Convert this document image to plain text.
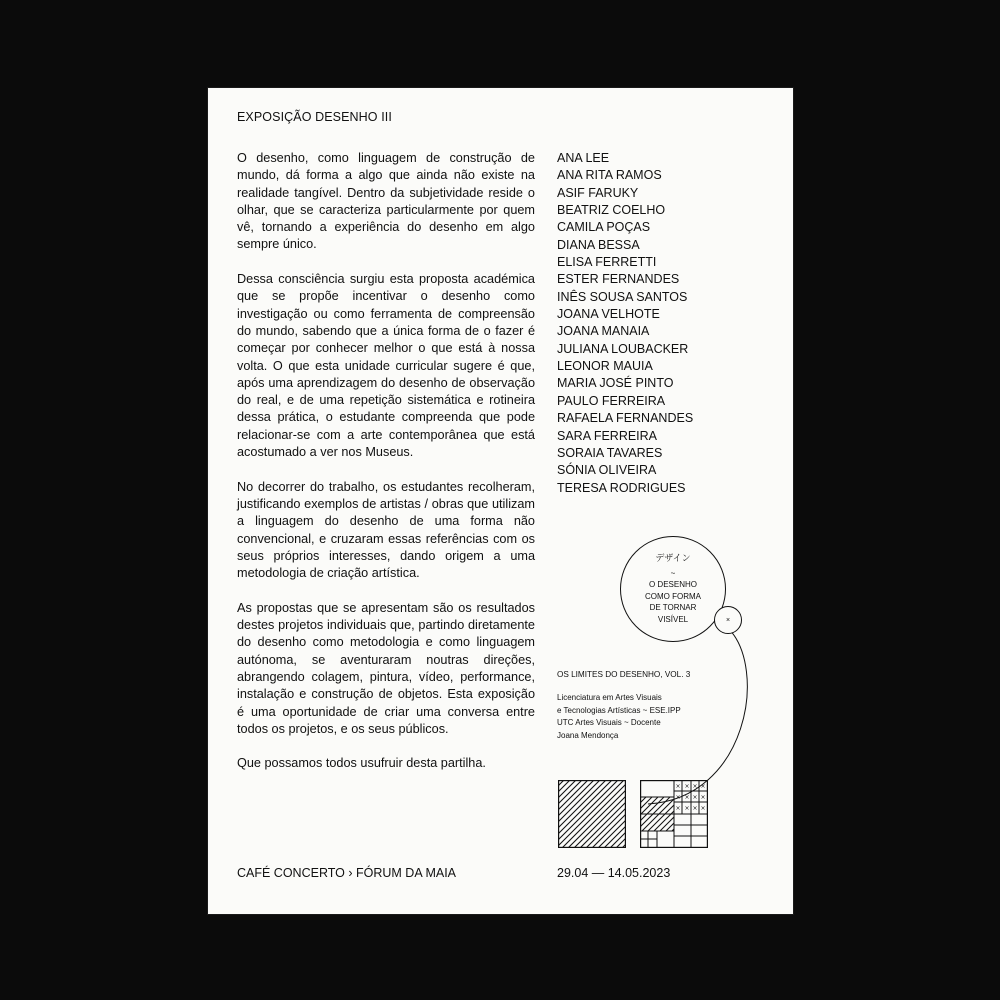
EXPOSIÇÃO DESENHO III

O desenho, como linguagem de construção de mundo, dá forma a algo que ainda não existe na realidade tangível. Dentro da subjetividade reside o olhar, que se caracteriza particularmente por quem vê, tornando a experiência do desenho em algo sempre único.

Dessa consciência surgiu esta proposta académica que se propõe incentivar o desenho como investigação ou como ferramenta de compreensão do mundo, sabendo que a única forma de o fazer é começar por conhecer melhor o que está à nossa volta. O que esta unidade curricular sugere é que, após uma aprendizagem do desenho de observação do real, e de uma repetição sistemática e rotineira dessa prática, o estudante compreenda que pode relacionar-se com a arte contemporânea que está acostumado a ver nos Museus.

No decorrer do trabalho, os estudantes recolheram, justificando exemplos de artistas / obras que utilizam a linguagem do desenho de uma forma não convencional, e cruzaram essas referências com os seus próprios interesses, dando origem a uma metodologia de criação artística.

As propostas que se apresentam são os resultados destes projetos individuais que, partindo diretamente do desenho como metodologia e como linguagem autónoma, se aventuraram noutras direções, abrangendo colagem, pintura, vídeo, performance, instalação e construção de objetos. Esta exposição é uma oportunidade de criar uma conversa entre todos os projetos, e os seus públicos.

Que possamos todos usufruir desta partilha.

ANA LEE
ANA RITA RAMOS
ASIF FARUKY
BEATRIZ COELHO
CAMILA POÇAS
DIANA BESSA
ELISA FERRETTI
ESTER FERNANDES
INÊS SOUSA SANTOS
JOANA VELHOTE
JOANA MANAIA
JULIANA LOUBACKER
LEONOR MAUIA
MARIA JOSÉ PINTO
PAULO FERREIRA
RAFAELA FERNANDES
SARA FERREIRA
SORAIA TAVARES
SÓNIA OLIVEIRA
TERESA RODRIGUES
デザイン
~
O DESENHO
COMO FORMA
DE TORNAR
VISÍVEL	×
OS LIMITES DO DESENHO, VOL. 3
Licenciatura em Artes Visuais
e Tecnologias Artísticas ~ ESE.IPP
UTC Artes Visuais ~ Docente
Joana Mendonça
× × × ×
× × × ×
× × × ×
CAFÉ CONCERTO › FÓRUM DA MAIA	29.04 — 14.05.2023
